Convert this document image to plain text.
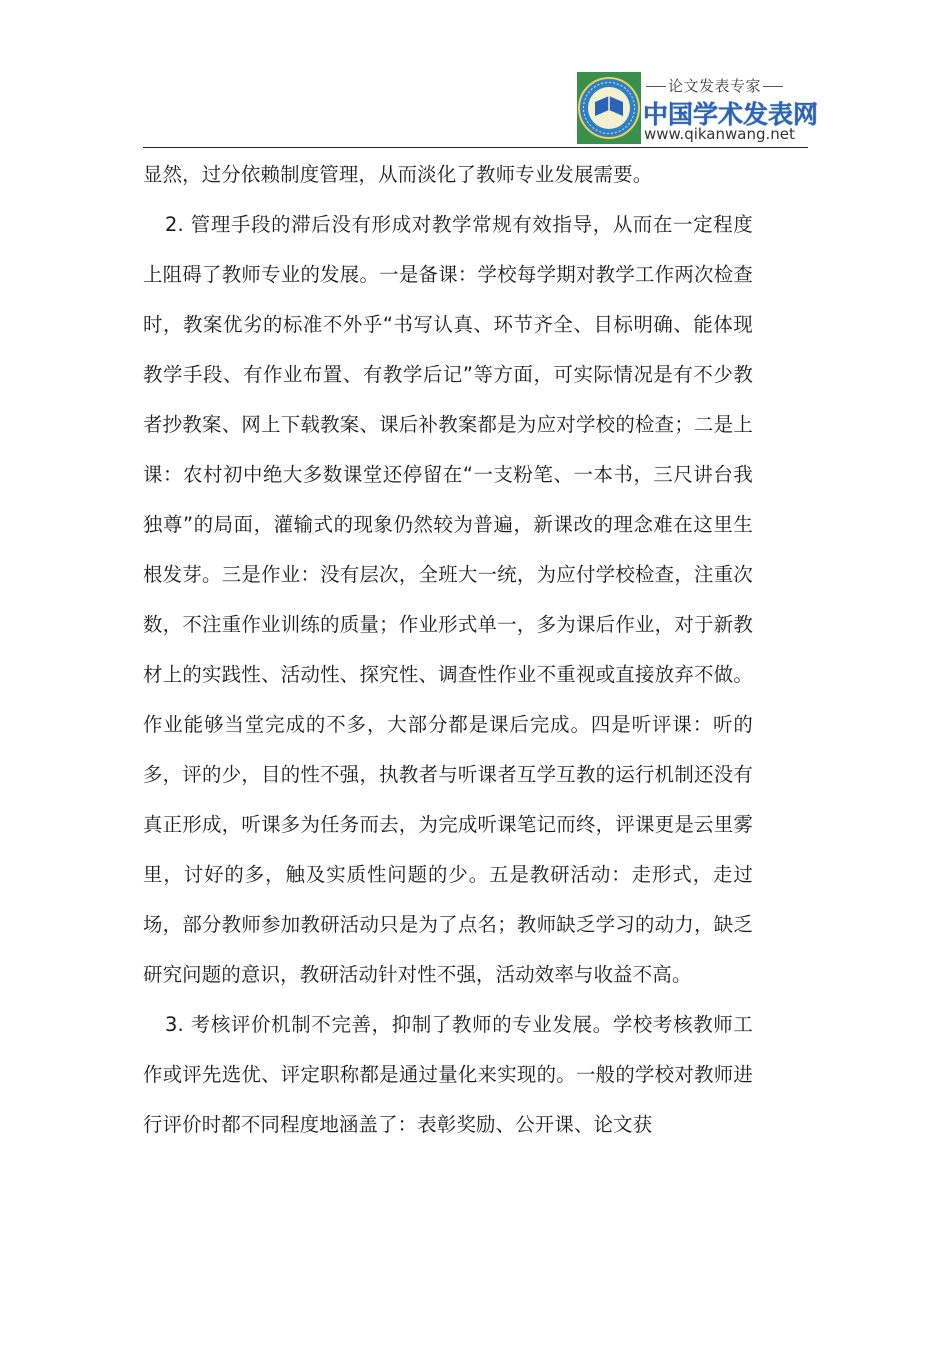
论文发表专家
中国学术发表网
www.qikanwang.net

显然，过分依赖制度管理，从而淡化了教师专业发展需要。

2. 管理手段的滞后没有形成对教学常规有效指导，从而在一定程度上阻碍了教师专业的发展。一是备课：学校每学期对教学工作两次检查时，教案优劣的标准不外乎“书写认真、环节齐全、目标明确、能体现教学手段、有作业布置、有教学后记”等方面，可实际情况是有不少教者抄教案、网上下载教案、课后补教案都是为应对学校的检查；二是上课：农村初中绝大多数课堂还停留在“一支粉笔、一本书，三尺讲台我独尊”的局面，灌输式的现象仍然较为普遍，新课改的理念难在这里生根发芽。三是作业：没有层次，全班大一统，为应付学校检查，注重次数，不注重作业训练的质量；作业形式单一，多为课后作业，对于新教材上的实践性、活动性、探究性、调查性作业不重视或直接放弃不做。作业能够当堂完成的不多，大部分都是课后完成。四是听评课：听的多，评的少，目的性不强，执教者与听课者互学互教的运行机制还没有真正形成，听课多为任务而去，为完成听课笔记而终，评课更是云里雾里，讨好的多，触及实质性问题的少。五是教研活动：走形式，走过场，部分教师参加教研活动只是为了点名；教师缺乏学习的动力，缺乏研究问题的意识，教研活动针对性不强，活动效率与收益不高。

3. 考核评价机制不完善，抑制了教师的专业发展。学校考核教师工作或评先选优、评定职称都是通过量化来实现的。一般的学校对教师进行评价时都不同程度地涵盖了：表彰奖励、公开课、论文获
